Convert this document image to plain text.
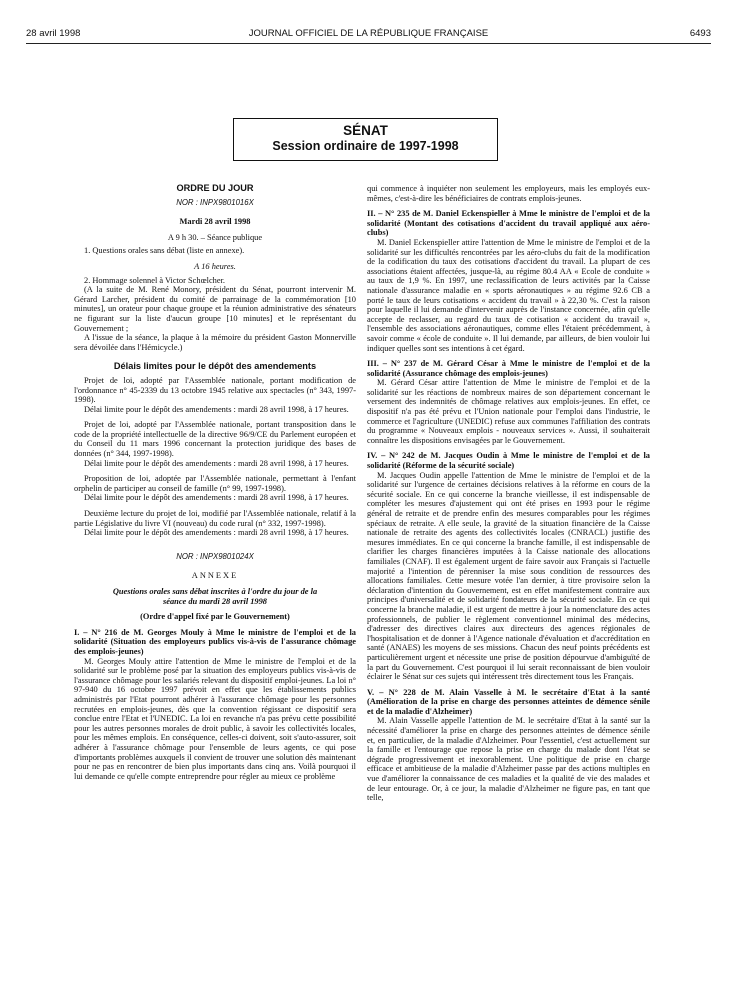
28 avril 1998	JOURNAL OFFICIEL DE LA RÉPUBLIQUE FRANÇAISE	6493
SÉNAT
Session ordinaire de 1997-1998

ORDRE DU JOUR

NOR : INPX9801016X

Mardi 28 avril 1998

A 9 h 30. – Séance publique

1. Questions orales sans débat (liste en annexe).

A 16 heures.

2. Hommage solennel à Victor Schœlcher.

(A la suite de M. René Monory, président du Sénat, pourront intervenir M. Gérard Larcher, président du comité de parrainage de la commémoration [10 minutes], un orateur pour chaque groupe et la réunion administrative des sénateurs ne figurant sur la liste d'aucun groupe [10 minutes] et le représentant du Gouvernement ;

A l'issue de la séance, la plaque à la mémoire du président Gaston Monnerville sera dévoilée dans l'Hémicycle.)

Délais limites pour le dépôt des amendements

Projet de loi, adopté par l'Assemblée nationale, portant modification de l'ordonnance n° 45-2339 du 13 octobre 1945 relative aux spectacles (n° 343, 1997-1998).

Délai limite pour le dépôt des amendements : mardi 28 avril 1998, à 17 heures.

Projet de loi, adopté par l'Assemblée nationale, portant transposition dans le code de la propriété intellectuelle de la directive 96/9/CE du Parlement européen et du Conseil du 11 mars 1996 concernant la protection juridique des bases de données (n° 344, 1997-1998).

Délai limite pour le dépôt des amendements : mardi 28 avril 1998, à 17 heures.

Proposition de loi, adoptée par l'Assemblée nationale, permettant à l'enfant orphelin de participer au conseil de famille (n° 99, 1997-1998).

Délai limite pour le dépôt des amendements : mardi 28 avril 1998, à 17 heures.

Deuxième lecture du projet de loi, modifié par l'Assemblée nationale, relatif à la partie Législative du livre VI (nouveau) du code rural (n° 332, 1997-1998).

Délai limite pour le dépôt des amendements : mardi 28 avril 1998, à 17 heures.

NOR : INPX9801024X

ANNEXE

Questions orales sans débat inscrites à l'ordre du jour de la séance du mardi 28 avril 1998

(Ordre d'appel fixé par le Gouvernement)

I. – N° 216 de M. Georges Mouly à Mme le ministre de l'emploi et de la solidarité (Situation des employeurs publics vis-à-vis de l'assurance chômage des emplois-jeunes)

M. Georges Mouly attire l'attention de Mme le ministre de l'emploi et de la solidarité sur le problème posé par la situation des employeurs publics vis-à-vis de l'assurance chômage pour les salariés relevant du dispositif emploi-jeunes. La loi n° 97-940 du 16 octobre 1997 prévoit en effet que les établissements publics administrés par l'Etat pourront adhérer à l'assurance chômage pour les personnes recrutées en emplois-jeunes, dès que la convention régissant ce dispositif sera conclue entre l'Etat et l'UNEDIC. La loi en revanche n'a pas prévu cette possibilité pour les autres personnes morales de droit public, à savoir les collectivités locales, pour les mêmes emplois. En conséquence, celles-ci doivent, soit s'auto-assurer, soit adhérer à l'assurance chômage pour l'ensemble de leurs agents, ce qui pose d'importants problèmes auxquels il convient de trouver une solution dès maintenant pour ne pas en rencontrer de bien plus importants dans cinq ans. Voilà pourquoi il lui demande ce qu'elle compte entreprendre pour régler au mieux ce problème

qui commence à inquiéter non seulement les employeurs, mais les employés eux-mêmes, c'est-à-dire les bénéficiaires de contrats emplois-jeunes.

II. – N° 235 de M. Daniel Eckenspieller à Mme le ministre de l'emploi et de la solidarité (Montant des cotisations d'accident du travail appliqué aux aéro-clubs)

M. Daniel Eckenspieller attire l'attention de Mme le ministre de l'emploi et de la solidarité sur les difficultés rencontrées par les aéro-clubs du fait de la modification de la codification du taux des cotisations d'accident du travail. La plupart de ces associations étaient affectées, jusque-là, au régime 80.4 AA « Ecole de conduite » au taux de 1,9 %. En 1997, une reclassification de leurs activités par la Caisse nationale d'assurance maladie en « sports aéronautiques » au régime 92.6 CB a porté le taux de leurs cotisations « accident du travail » à 22,30 %. C'est la raison pour laquelle il lui demande d'intervenir auprès de l'instance concernée, afin qu'elle accepte de reclasser, au regard du taux de cotisation « accident du travail », l'ensemble des associations aéronautiques, comme elles l'étaient précédemment, à savoir comme « école de conduite ». Il lui demande, par ailleurs, de bien vouloir lui indiquer quelles sont ses intentions à cet égard.

III. – N° 237 de M. Gérard César à Mme le ministre de l'emploi et de la solidarité (Assurance chômage des emplois-jeunes)

M. Gérard César attire l'attention de Mme le ministre de l'emploi et de la solidarité sur les réactions de nombreux maires de son département concernant le versement des indemnités de chômage relatives aux emplois-jeunes. En effet, ce dispositif n'a pas été prévu et l'Union nationale pour l'emploi dans l'industrie, le commerce et l'agriculture (UNEDIC) refuse aux communes l'affiliation des contrats du programme « Nouveaux emplois - nouveaux services ». Aussi, il souhaiterait connaître les dispositions envisagées par le Gouvernement.

IV. – N° 242 de M. Jacques Oudin à Mme le ministre de l'emploi et de la solidarité (Réforme de la sécurité sociale)

M. Jacques Oudin appelle l'attention de Mme le ministre de l'emploi et de la solidarité sur l'urgence de certaines décisions relatives à la réforme en cours de la sécurité sociale. En ce qui concerne la branche vieillesse, il est indispensable de compléter les mesures d'ajustement qui ont été prises en 1993 pour le régime général de retraite et de prendre enfin des mesures comparables pour les régimes spéciaux de retraite. A elle seule, la gravité de la situation financière de la Caisse nationale de retraite des agents des collectivités locales (CNRACL) justifie des mesures immédiates. En ce qui concerne la branche famille, il est indispensable de clarifier les charges financières imputées à la Caisse nationale des allocations familiales (CNAF). Il est également urgent de faire savoir aux Français si l'actuelle majorité a l'intention de pérenniser la mise sous condition de ressources des allocations familiales. Cette mesure votée l'an dernier, à titre provisoire selon la déclaration d'intention du Gouvernement, est en effet manifestement contraire aux principes d'universalité et de solidarité fondateurs de la sécurité sociale. En ce qui concerne la branche maladie, il est urgent de mettre à jour la nomenclature des actes professionnels, de publier le règlement conventionnel minimal des médecins, d'adresser des directives claires aux directeurs des agences régionales de l'hospitalisation et de donner à l'Agence nationale d'évaluation et d'accréditation en santé (ANAES) les moyens de ses missions. Chacun des neuf points précédents est particulièrement urgent et nécessite une prise de position dépourvue d'ambiguïté de la part du Gouvernement. C'est pourquoi il lui serait reconnaissant de bien vouloir éclairer le Sénat sur ces sujets qui intéressent très directement tous les Français.

V. – N° 228 de M. Alain Vasselle à M. le secrétaire d'Etat à la santé (Amélioration de la prise en charge des personnes atteintes de démence sénile et de la maladie d'Alzheimer)

M. Alain Vasselle appelle l'attention de M. le secrétaire d'Etat à la santé sur la nécessité d'améliorer la prise en charge des personnes atteintes de démence sénile et, en particulier, de la maladie d'Alzheimer. Pour l'essentiel, c'est actuellement sur la famille et l'entourage que repose la prise en charge du malade dont l'état se dégrade progressivement et inexorablement. Une politique de prise en charge efficace et ambitieuse de la maladie d'Alzheimer passe par des actions multiples en vue d'améliorer la connaissance de ces maladies et la qualité de vie des malades et de leur entourage. Or, à ce jour, la maladie d'Alzheimer ne figure pas, en tant que telle,
